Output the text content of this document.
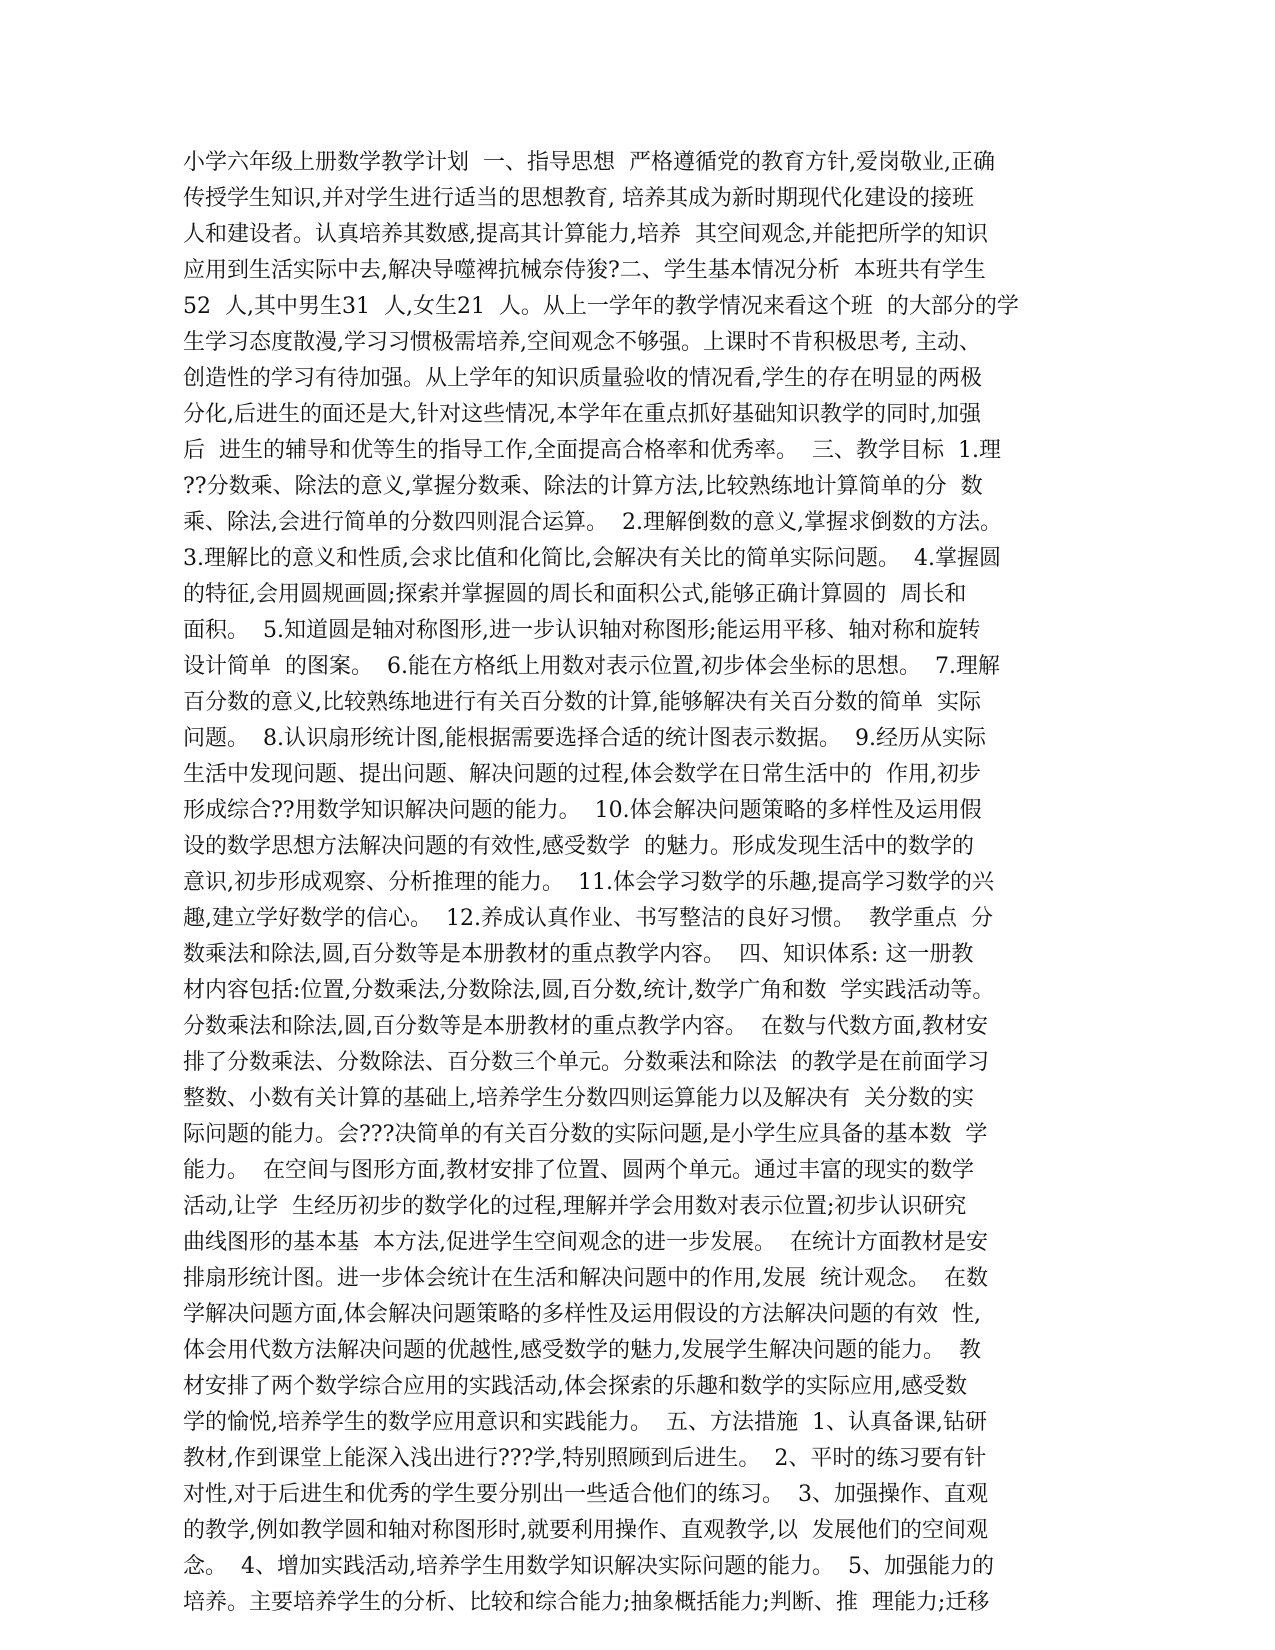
小学六年级上册数学教学计划  一、指导思想  严格遵循党的教育方针,爱岗敬业,正确
传授学生知识,并对学生进行适当的思想教育, 培养其成为新时期现代化建设的接班
人和建设者。认真培养其数感,提高其计算能力,培养  其空间观念,并能把所学的知识
应用到生活实际中去,解决导噬裨抗械奈侍狻?二、学生基本情况分析  本班共有学生
52  人,其中男生31  人,女生21  人。从上一学年的教学情况来看这个班  的大部分的学
生学习态度散漫,学习习惯极需培养,空间观念不够强。上课时不肯积极思考, 主动、
创造性的学习有待加强。从上学年的知识质量验收的情况看,学生的存在明显的两极
分化,后进生的面还是大,针对这些情况,本学年在重点抓好基础知识教学的同时,加强
后  进生的辅导和优等生的指导工作,全面提高合格率和优秀率。  三、教学目标  1.理
??分数乘、除法的意义,掌握分数乘、除法的计算方法,比较熟练地计算简单的分  数
乘、除法,会进行简单的分数四则混合运算。  2.理解倒数的意义,掌握求倒数的方法。
3.理解比的意义和性质,会求比值和化简比,会解决有关比的简单实际问题。  4.掌握圆
的特征,会用圆规画圆;探索并掌握圆的周长和面积公式,能够正确计算圆的  周长和
面积。  5.知道圆是轴对称图形,进一步认识轴对称图形;能运用平移、轴对称和旋转
设计简单  的图案。  6.能在方格纸上用数对表示位置,初步体会坐标的思想。  7.理解
百分数的意义,比较熟练地进行有关百分数的计算,能够解决有关百分数的简单  实际
问题。  8.认识扇形统计图,能根据需要选择合适的统计图表示数据。  9.经历从实际
生活中发现问题、提出问题、解决问题的过程,体会数学在日常生活中的  作用,初步
形成综合??用数学知识解决问题的能力。  10.体会解决问题策略的多样性及运用假
设的数学思想方法解决问题的有效性,感受数学  的魅力。形成发现生活中的数学的
意识,初步形成观察、分析推理的能力。  11.体会学习数学的乐趣,提高学习数学的兴
趣,建立学好数学的信心。  12.养成认真作业、书写整洁的良好习惯。  教学重点  分
数乘法和除法,圆,百分数等是本册教材的重点教学内容。  四、知识体系: 这一册教
材内容包括:位置,分数乘法,分数除法,圆,百分数,统计,数学广角和数  学实践活动等。
分数乘法和除法,圆,百分数等是本册教材的重点教学内容。  在数与代数方面,教材安
排了分数乘法、分数除法、百分数三个单元。分数乘法和除法  的教学是在前面学习
整数、小数有关计算的基础上,培养学生分数四则运算能力以及解决有  关分数的实
际问题的能力。会???决简单的有关百分数的实际问题,是小学生应具备的基本数  学
能力。  在空间与图形方面,教材安排了位置、圆两个单元。通过丰富的现实的数学
活动,让学  生经历初步的数学化的过程,理解并学会用数对表示位置;初步认识研究
曲线图形的基本基  本方法,促进学生空间观念的进一步发展。  在统计方面教材是安
排扇形统计图。进一步体会统计在生活和解决问题中的作用,发展  统计观念。  在数
学解决问题方面,体会解决问题策略的多样性及运用假设的方法解决问题的有效  性,
体会用代数方法解决问题的优越性,感受数学的魅力,发展学生解决问题的能力。  教
材安排了两个数学综合应用的实践活动,体会探索的乐趣和数学的实际应用,感受数
学的愉悦,培养学生的数学应用意识和实践能力。  五、方法措施  1、认真备课,钻研
教材,作到课堂上能深入浅出进行???学,特别照顾到后进生。  2、平时的练习要有针
对性,对于后进生和优秀的学生要分别出一些适合他们的练习。  3、加强操作、直观
的教学,例如教学圆和轴对称图形时,就要利用操作、直观教学,以  发展他们的空间观
念。  4、增加实践活动,培养学生用数学知识解决实际问题的能力。  5、加强能力的
培养。主要培养学生的分析、比较和综合能力;抽象概括能力;判断、推  理能力;迁移
